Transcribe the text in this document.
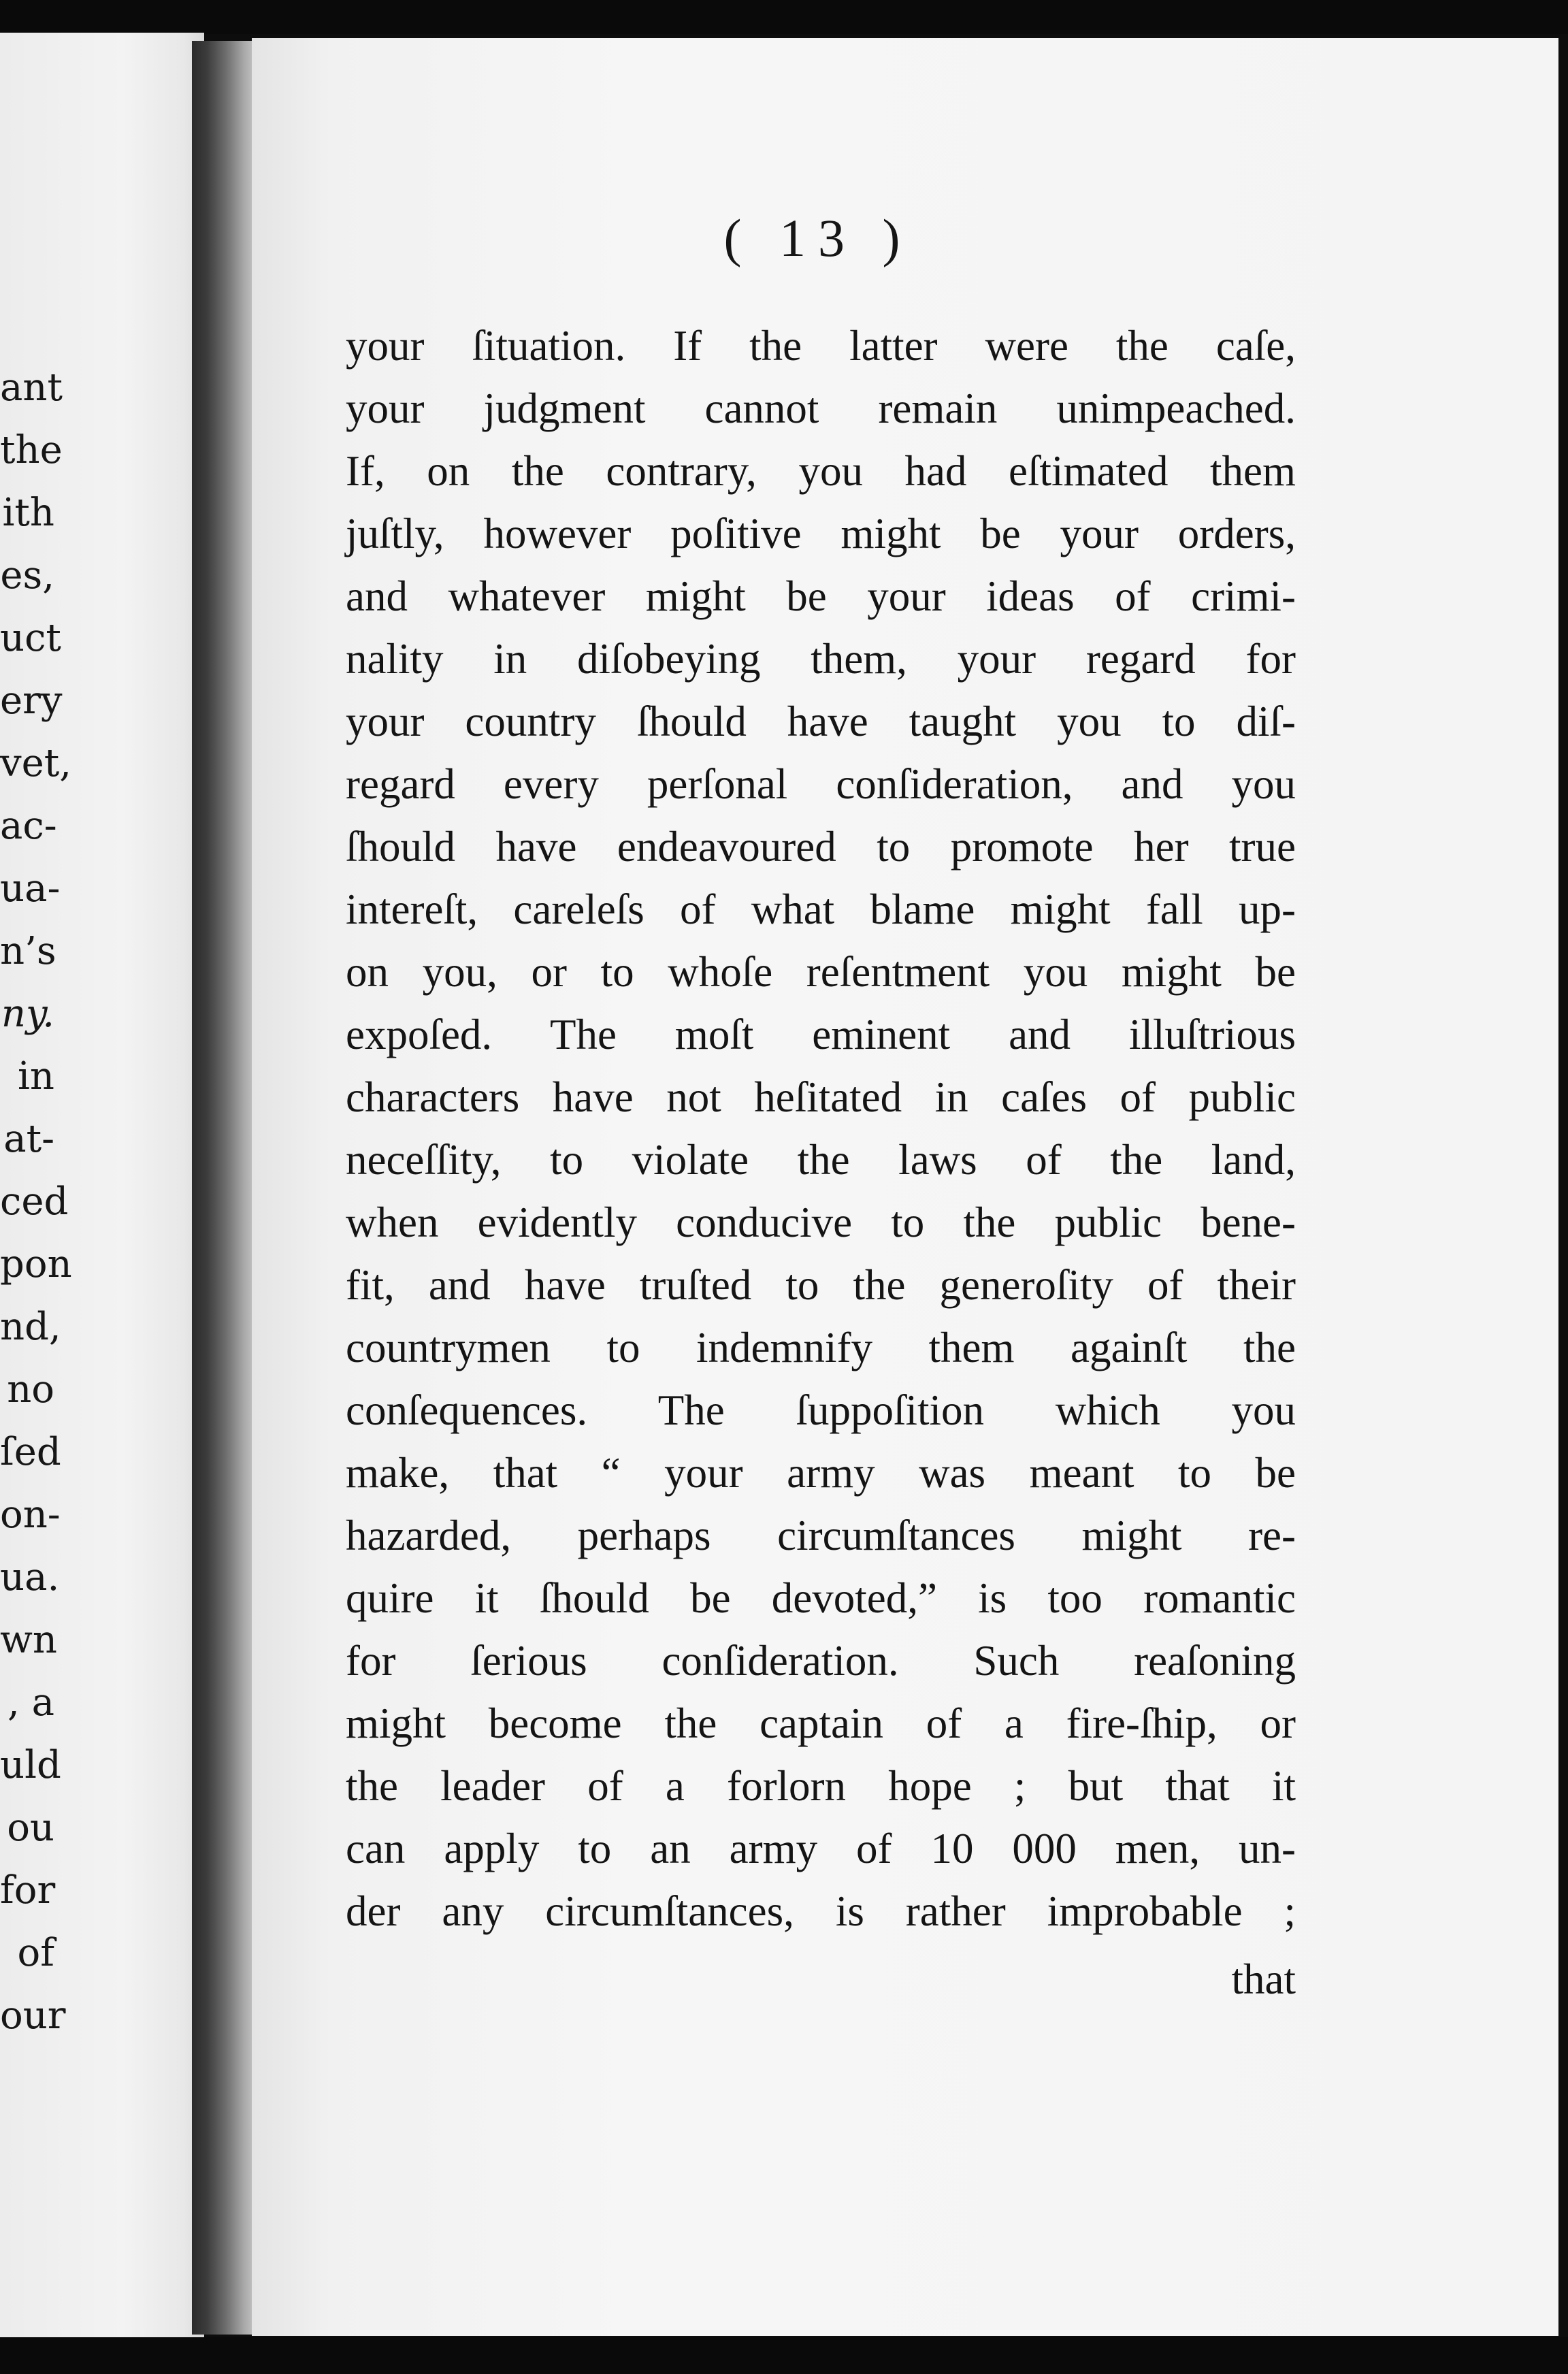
ant
the
ith
es,
uct
ery
vet,
ac-
ua-
n’s
ny.
in
at-
ced
pon
nd,
no
ſed
on-
ua.
wn
, a
uld
ou
for
of
our
( 13 )
your ſituation. If the latter were the caſe,
your judgment cannot remain unimpeached.
If, on the contrary, you had eſtimated them
juſtly, however poſitive might be your orders,
and whatever might be your ideas of crimi-
nality in diſobeying them, your regard for
your country ſhould have taught you to diſ-
regard every perſonal conſideration, and you
ſhould have endeavoured to promote her true
intereſt, careleſs of what blame might fall up-
on you, or to whoſe reſentment you might be
expoſed. The moſt eminent and illuſtrious
characters have not heſitated in caſes of public
neceſſity, to violate the laws of the land,
when evidently conducive to the public bene-
fit, and have truſted to the generoſity of their
countrymen to indemnify them againſt the
conſequences. The ſuppoſition which you
make, that “ your army was meant to be
hazarded, perhaps circumſtances might re-
quire it ſhould be devoted,” is too romantic
for ſerious conſideration. Such reaſoning
might become the captain of a fire-ſhip, or
the leader of a forlorn hope ; but that it
can apply to an army of 10 000 men, un-
der any circumſtances, is rather improbable ;
that
